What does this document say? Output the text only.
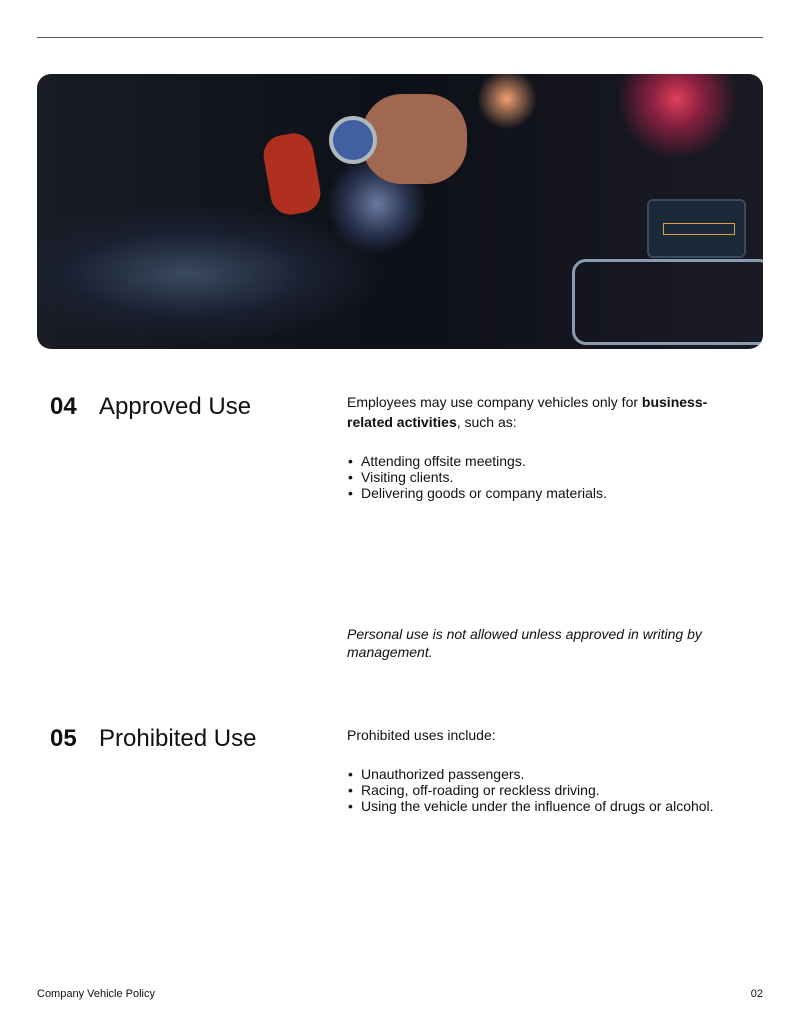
04 Approved Use	Employees may use company vehicles only for business-related activities, such as:
• Attending offsite meetings.
• Visiting clients.
• Delivering goods or company materials.
Personal use is not allowed unless approved in writing by management.
05 Prohibited Use	Prohibited uses include:
• Unauthorized passengers.
• Racing, off-roading or reckless driving.
• Using the vehicle under the influence of drugs or alcohol.
Company Vehicle Policy	02
